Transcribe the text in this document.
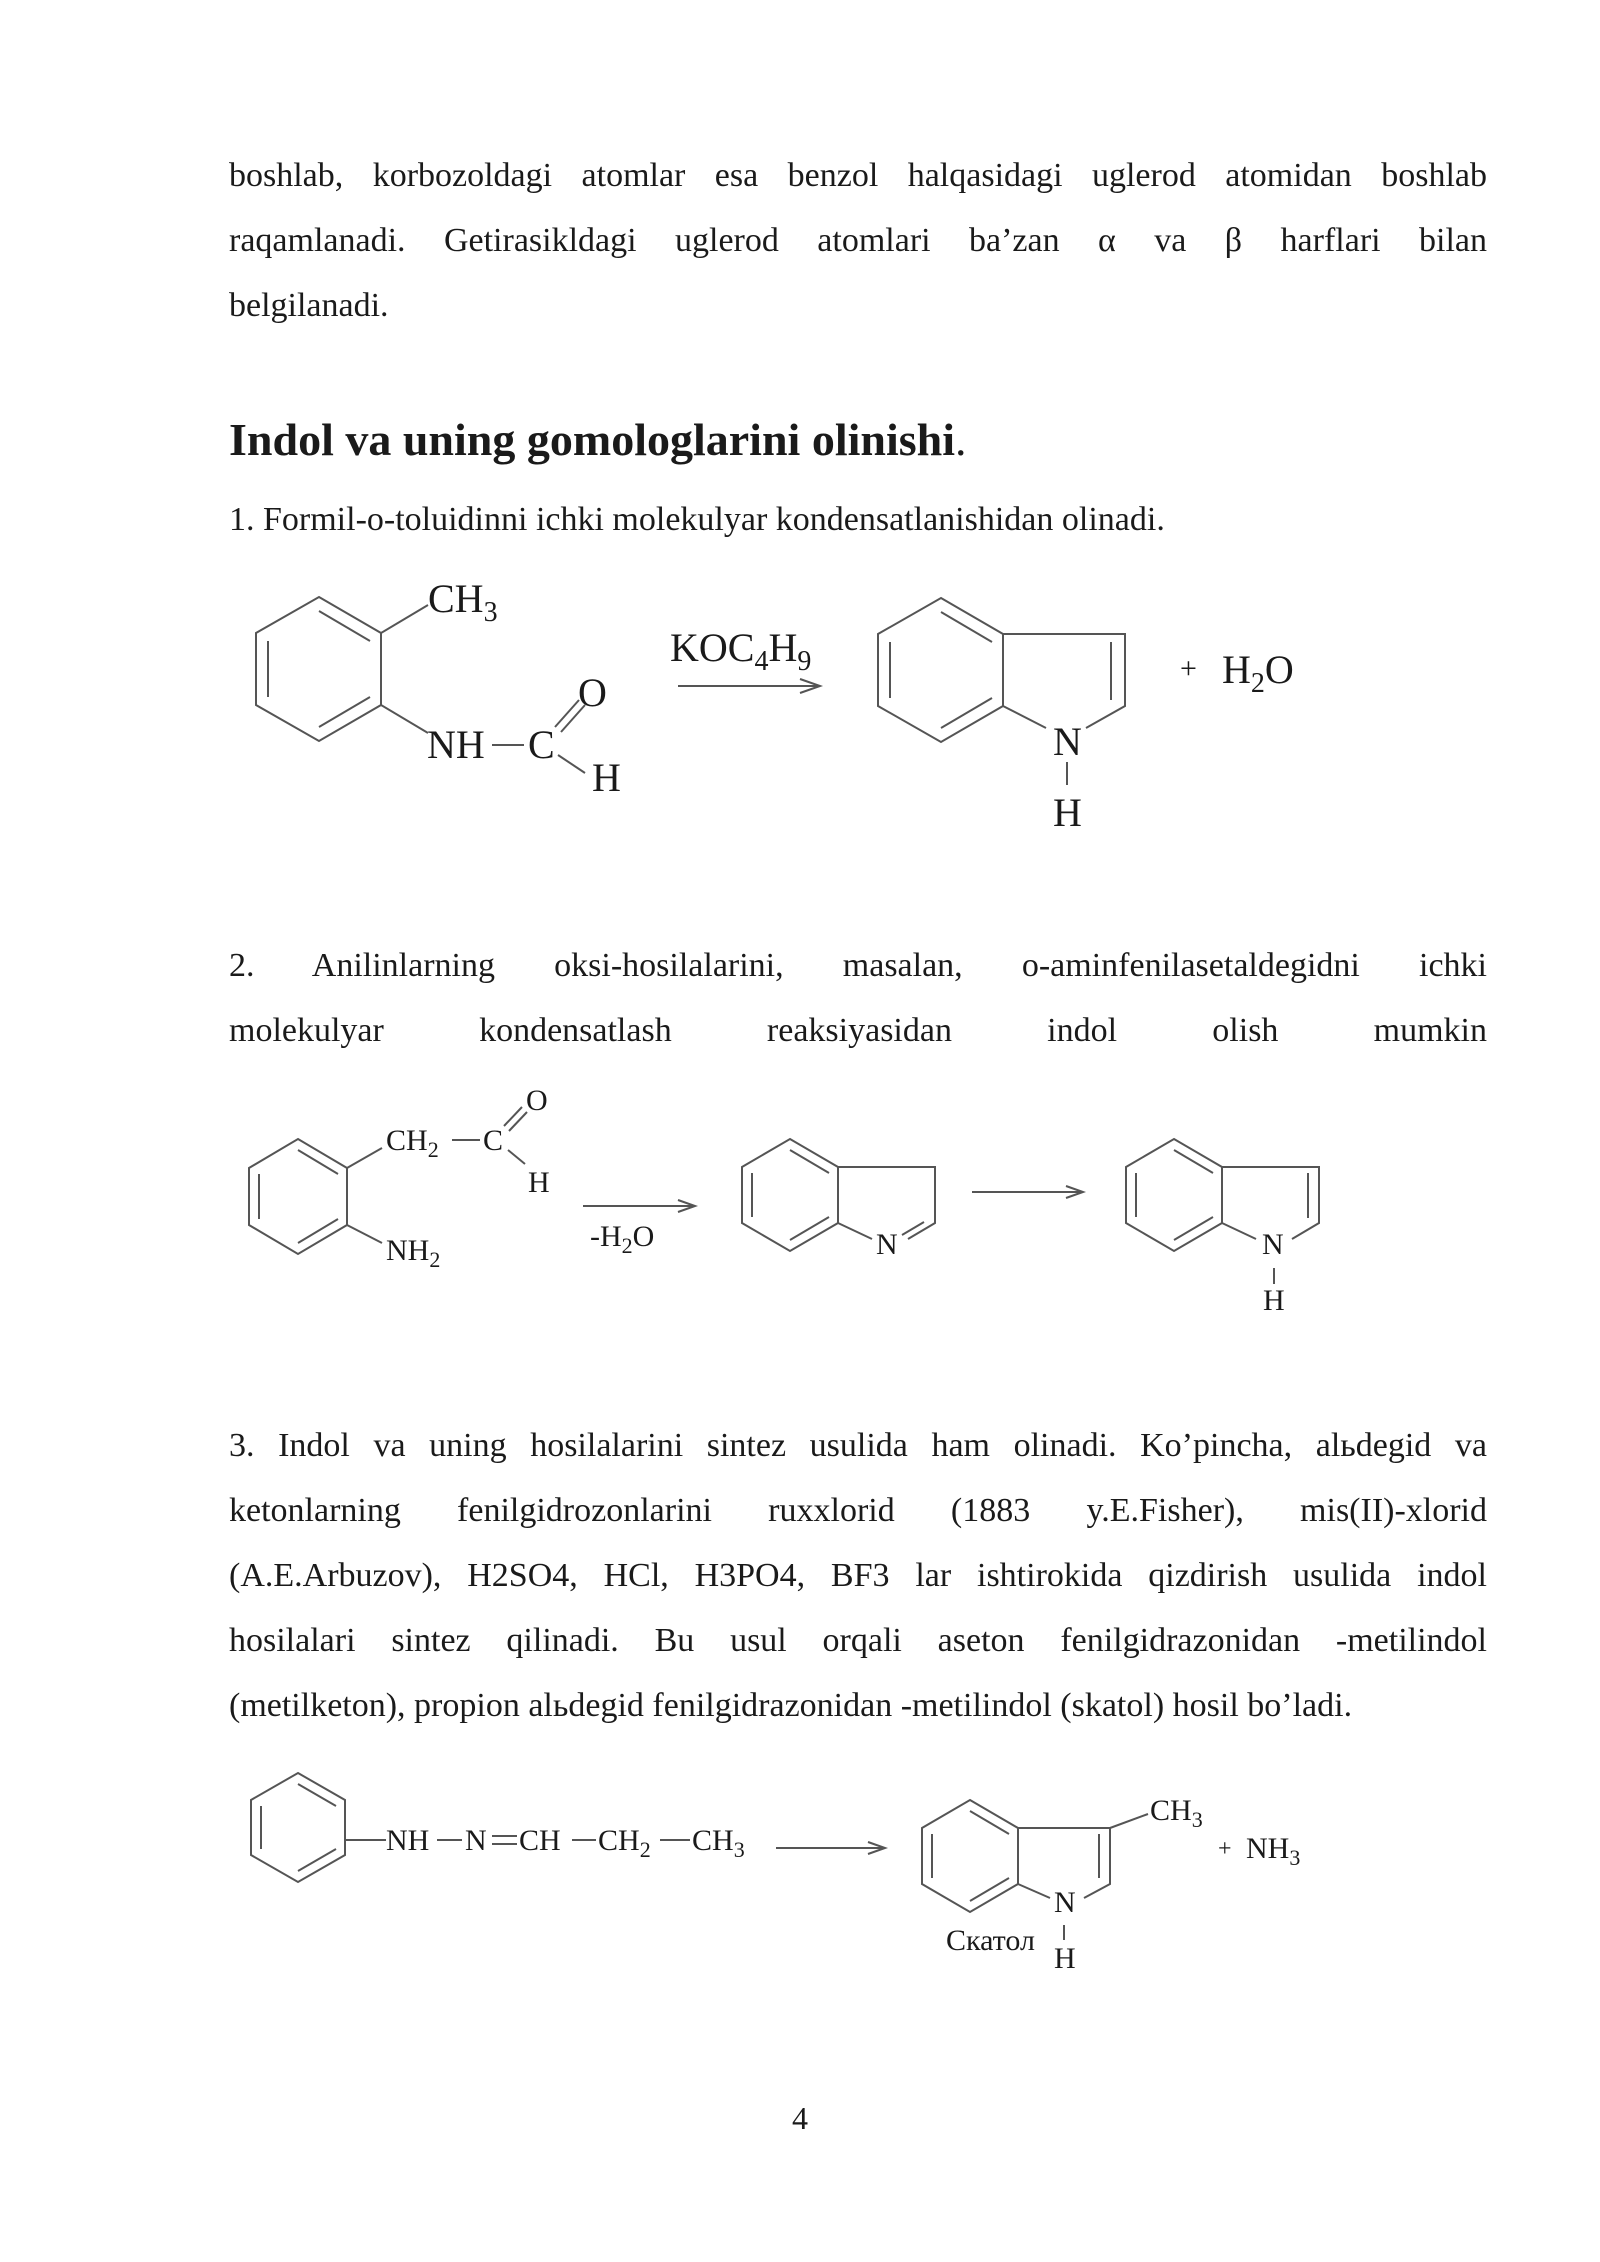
boshlab, korbozoldagi atomlar esa benzol halqasidagi uglerod atomidan boshlab
raqamlanadi. Getirasikldagi uglerod atomlari ba’zan α va β harflari bilan
belgilanadi.
Indol va uning gomologlarini olinishi.
1. Formil-o-toluidinni ichki molekulyar kondensatlanishidan olinadi.
$CH_3$
O
NH C
H
$KOC_4H_9$
N
H
+ $H_2O$
2. Anilinlarning oksi-hosilalarini, masalan, o-aminfenilasetaldegidni ichki
molekulyar kondensatlash reaksiyasidan indol olish mumkin
O
$CH_2$ C
H
$NH_2$
$-H_2O$	N	N
H
3. Indol va uning hosilalarini sintez usulida ham olinadi. Ko’pincha, alьdegid va
ketonlarning fenilgidrozonlarini ruxxlorid (1883 y.E.Fisher), mis(II)-xlorid
(A.E.Arbuzov), H2SO4, HCl, H3PO4, BF3 lar ishtirokida qizdirish usulida indol
hosilalari sintez qilinadi. Bu usul orqali aseton fenilgidrazonidan -metilindol
(metilketon), propion alьdegid fenilgidrazonidan -metilindol (skatol) hosil bo’ladi.
NH N CH $CH_2$ $CH_3$
$CH_3$
+ $NH_3$
N
H
Скатол
4
